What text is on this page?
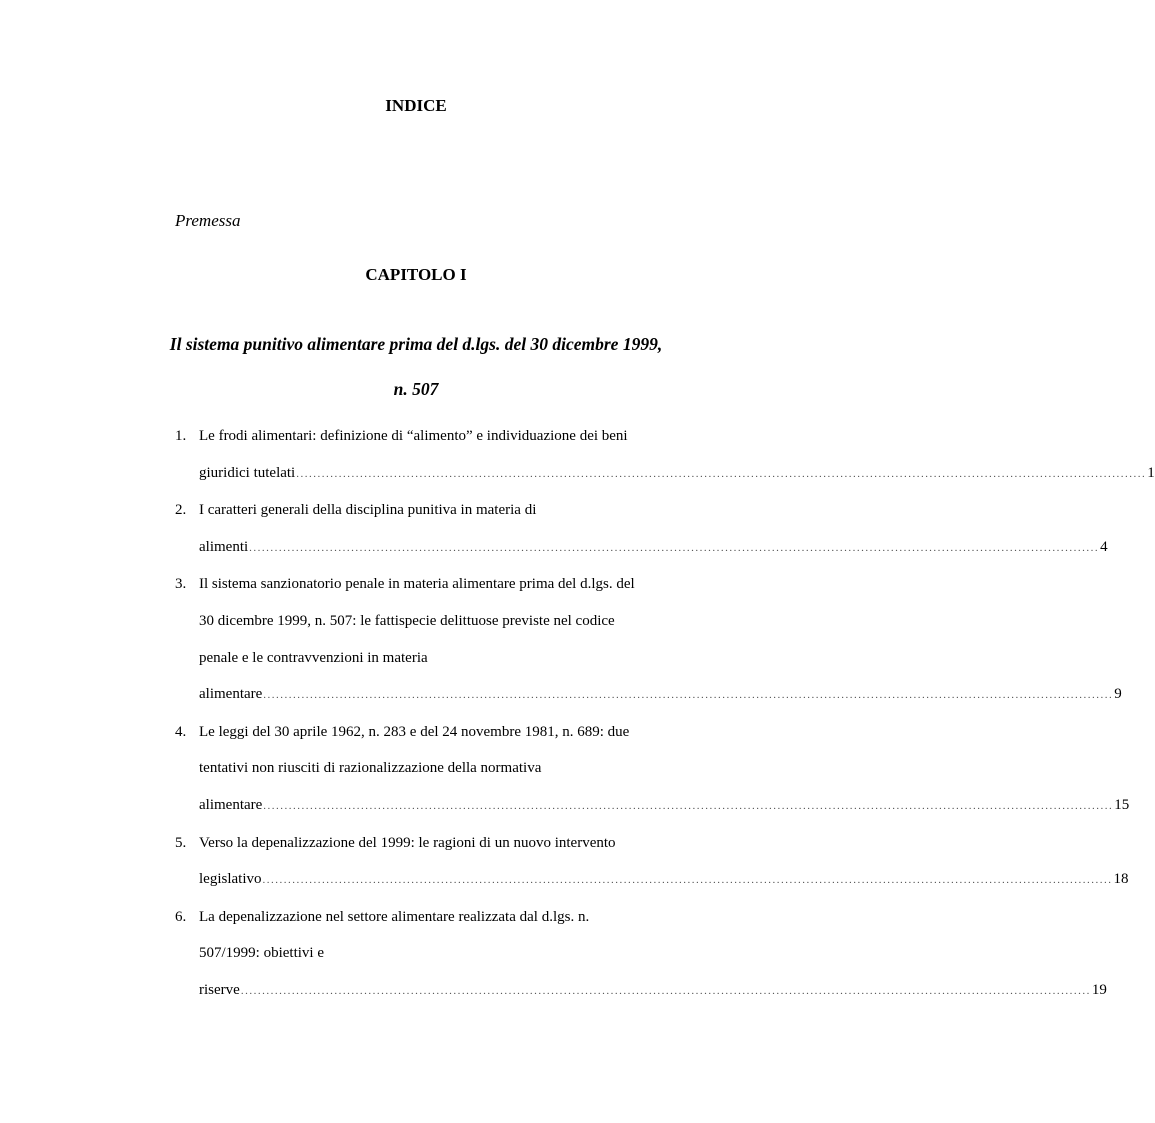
INDICE
Premessa
CAPITOLO I
Il sistema punitivo alimentare prima del d.lgs. del 30 dicembre 1999,
n. 507
1. Le frodi alimentari: definizione di “alimento” e individuazione dei beni
giuridici tutelati ........................................................................................................................................................................................................ 1
2. I caratteri generali della disciplina punitiva in materia di
alimenti ........................................................................................................................................................................................................ 4
3. Il sistema sanzionatorio penale in materia alimentare prima del d.lgs. del
30 dicembre 1999, n. 507: le fattispecie delittuose previste nel codice
penale e le contravvenzioni in materia
alimentare ........................................................................................................................................................................................................ 9
4. Le leggi del 30 aprile 1962, n. 283 e del 24 novembre 1981, n. 689: due
tentativi non riusciti di razionalizzazione della normativa
alimentare ........................................................................................................................................................................................................ 15
5. Verso la depenalizzazione del 1999: le ragioni di un nuovo intervento
legislativo ........................................................................................................................................................................................................ 18
6. La depenalizzazione nel settore alimentare realizzata dal d.lgs. n.
507/1999: obiettivi e
riserve ........................................................................................................................................................................................................ 19
